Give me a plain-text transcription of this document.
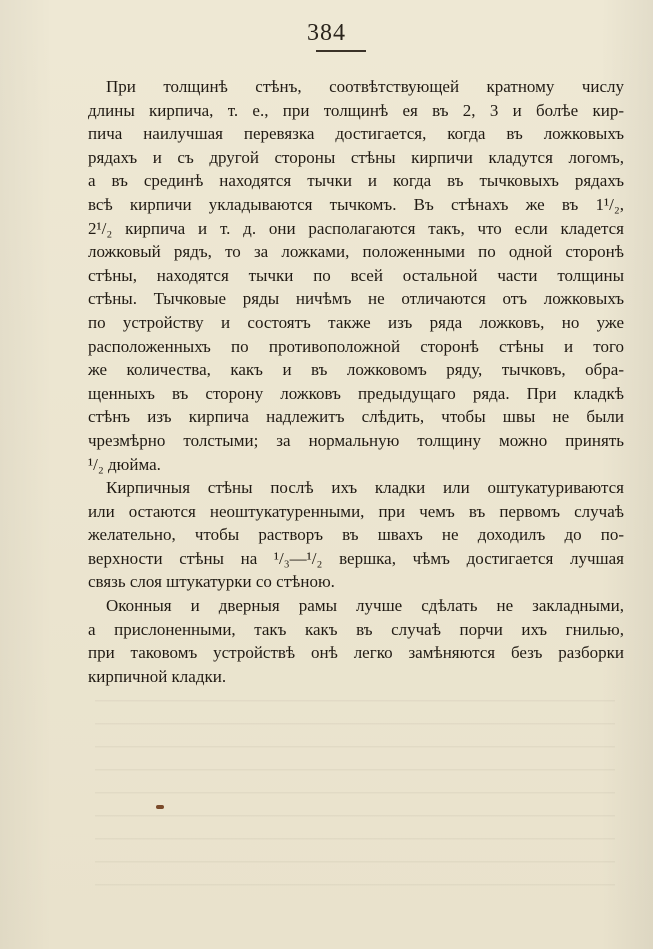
384
При толщинѣ стѣнъ, соотвѣтствующей кратному числу
длины кирпича, т. е., при толщинѣ ея въ 2, 3 и болѣе кир-
пича наилучшая перевязка достигается, когда въ ложковыхъ
рядахъ и съ другой стороны стѣны кирпичи кладутся логомъ,
а въ срединѣ находятся тычки и когда въ тычковыхъ рядахъ
всѣ кирпичи укладываются тычкомъ. Въ стѣнахъ же въ 1¹/₂,
2¹/₂ кирпича и т. д. они располагаются такъ, что если кладется
ложковый рядъ, то за ложками, положенными по одной сторонѣ
стѣны, находятся тычки по всей остальной части толщины
стѣны. Тычковые ряды ничѣмъ не отличаются отъ ложковыхъ
по устройству и состоятъ также изъ ряда ложковъ, но уже
расположенныхъ по противоположной сторонѣ стѣны и того
же количества, какъ и въ ложковомъ ряду, тычковъ, обра-
щенныхъ въ сторону ложковъ предыдущаго ряда. При кладкѣ
стѣнъ изъ кирпича надлежитъ слѣдить, чтобы швы не были
чрезмѣрно толстыми; за нормальную толщину можно принять
¹/₂ дюйма.
Кирпичныя стѣны послѣ ихъ кладки или оштукатуриваются
или остаются неоштукатуренными, при чемъ въ первомъ случаѣ
желательно, чтобы растворъ въ швахъ не доходилъ до по-
верхности стѣны на ¹/₃—¹/₂ вершка, чѣмъ достигается лучшая
связь слоя штукатурки со стѣною.
Оконныя и дверныя рамы лучше сдѣлать не закладными,
а прислоненными, такъ какъ въ случаѣ порчи ихъ гнилью,
при таковомъ устройствѣ онѣ легко замѣняются безъ разборки
кирпичной кладки.
